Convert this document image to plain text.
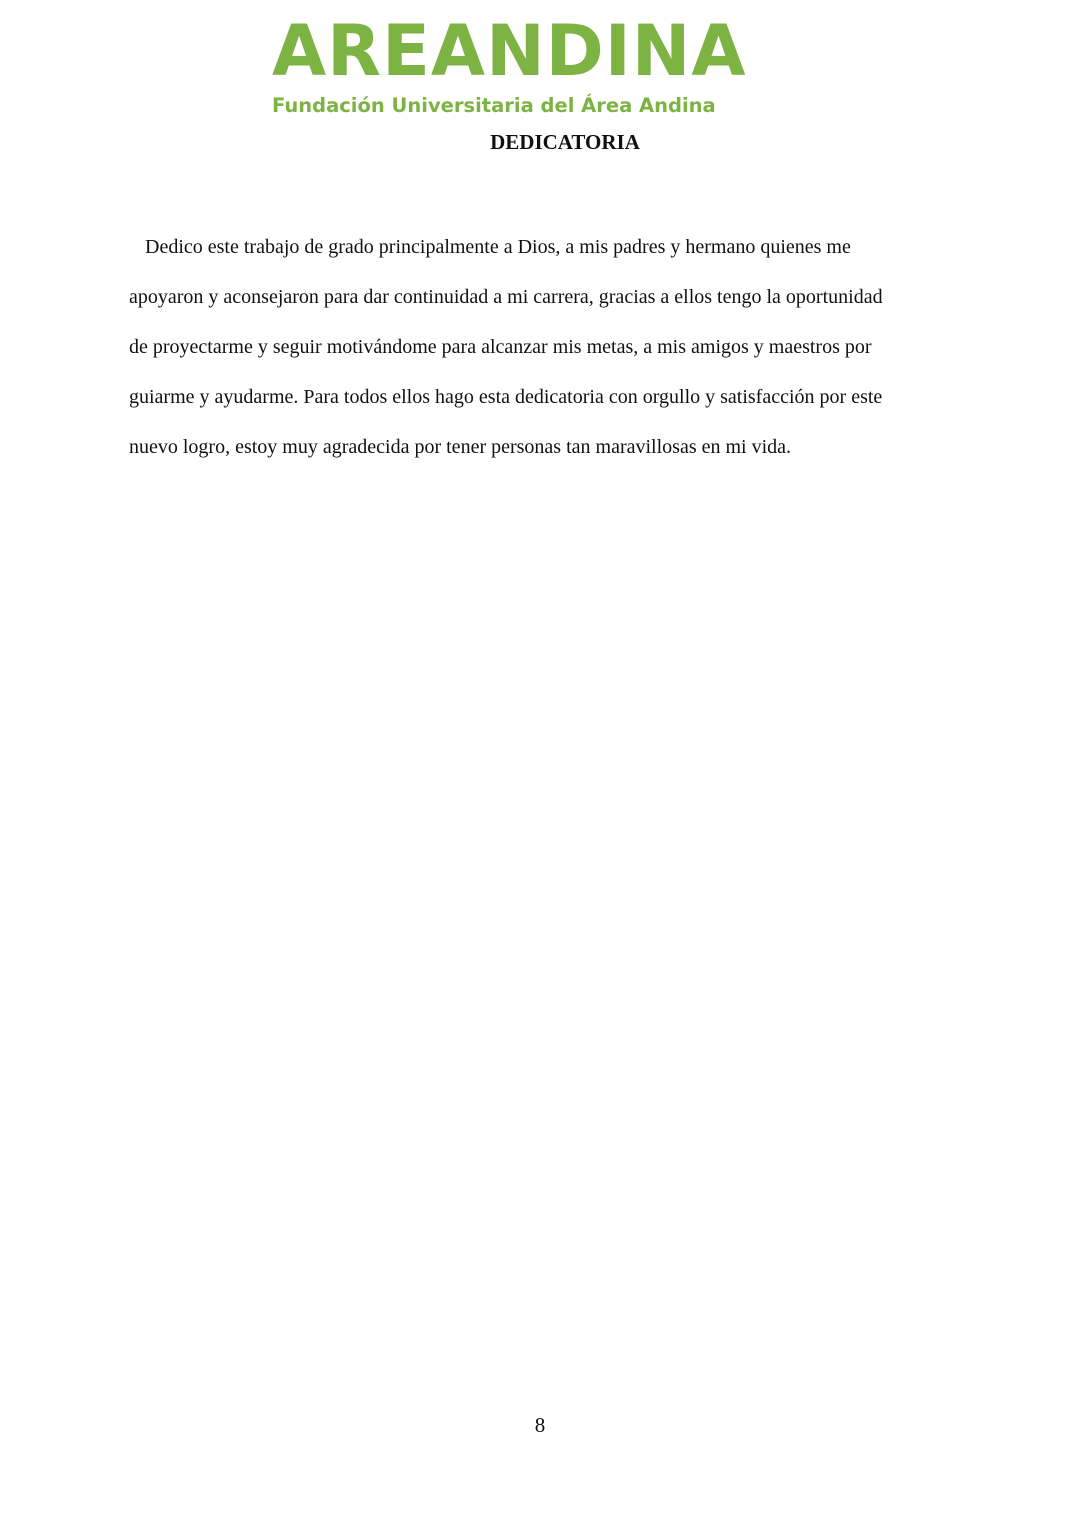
AREANDINA
Fundación Universitaria del Área Andina
DEDICATORIA
Dedico este trabajo de grado principalmente a Dios, a mis padres y hermano quienes me
apoyaron y aconsejaron para dar continuidad a mi carrera, gracias a ellos tengo la oportunidad
de proyectarme y seguir motivándome para alcanzar mis metas, a mis amigos y maestros por
guiarme y ayudarme. Para todos ellos hago esta dedicatoria con orgullo y satisfacción por este
nuevo logro, estoy muy agradecida por tener personas tan maravillosas en mi vida.
8
